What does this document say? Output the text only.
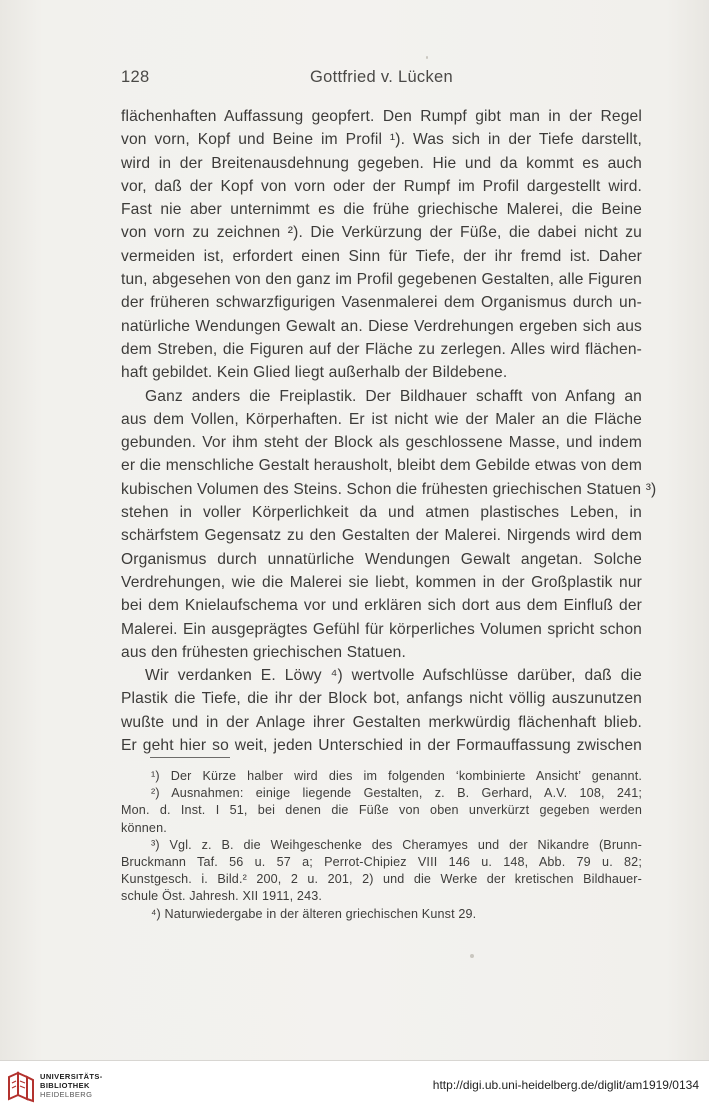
128	Gottfried v. Lücken
flächenhaften Auffassung geopfert. Den Rumpf gibt man in der Regel
von vorn, Kopf und Beine im Profil ¹). Was sich in der Tiefe darstellt,
wird in der Breitenausdehnung gegeben. Hie und da kommt es auch
vor, daß der Kopf von vorn oder der Rumpf im Profil dargestellt wird.
Fast nie aber unternimmt es die frühe griechische Malerei, die Beine
von vorn zu zeichnen ²). Die Verkürzung der Füße, die dabei nicht zu
vermeiden ist, erfordert einen Sinn für Tiefe, der ihr fremd ist. Daher
tun, abgesehen von den ganz im Profil gegebenen Gestalten, alle Figuren
der früheren schwarzfigurigen Vasenmalerei dem Organismus durch un-
natürliche Wendungen Gewalt an. Diese Verdrehungen ergeben sich aus
dem Streben, die Figuren auf der Fläche zu zerlegen. Alles wird flächen-
haft gebildet. Kein Glied liegt außerhalb der Bildebene.
Ganz anders die Freiplastik. Der Bildhauer schafft von Anfang an
aus dem Vollen, Körperhaften. Er ist nicht wie der Maler an die Fläche
gebunden. Vor ihm steht der Block als geschlossene Masse, und indem
er die menschliche Gestalt herausholt, bleibt dem Gebilde etwas von dem
kubischen Volumen des Steins. Schon die frühesten griechischen Statuen ³)
stehen in voller Körperlichkeit da und atmen plastisches Leben, in
schärfstem Gegensatz zu den Gestalten der Malerei. Nirgends wird dem
Organismus durch unnatürliche Wendungen Gewalt angetan. Solche
Verdrehungen, wie die Malerei sie liebt, kommen in der Großplastik nur
bei dem Knielaufschema vor und erklären sich dort aus dem Einfluß der
Malerei. Ein ausgeprägtes Gefühl für körperliches Volumen spricht schon
aus den frühesten griechischen Statuen.
Wir verdanken E. Löwy ⁴) wertvolle Aufschlüsse darüber, daß die
Plastik die Tiefe, die ihr der Block bot, anfangs nicht völlig auszunutzen
wußte und in der Anlage ihrer Gestalten merkwürdig flächenhaft blieb.
Er geht hier so weit, jeden Unterschied in der Formauffassung zwischen
¹) Der Kürze halber wird dies im folgenden ‘kombinierte Ansicht’ genannt.
²) Ausnahmen: einige liegende Gestalten, z. B. Gerhard, A.V. 108, 241;
Mon. d. Inst. I 51, bei denen die Füße von oben unverkürzt gegeben werden
können.
³) Vgl. z. B. die Weihgeschenke des Cheramyes und der Nikandre (Brunn-
Bruckmann Taf. 56 u. 57 a; Perrot-Chipiez VIII 146 u. 148, Abb. 79 u. 82;
Kunstgesch. i. Bild.² 200, 2 u. 201, 2) und die Werke der kretischen Bildhauer-
schule Öst. Jahresh. XII 1911, 243.
⁴) Naturwiedergabe in der älteren griechischen Kunst 29.
UNIVERSITÄTS-
BIBLIOTHEK
HEIDELBERG
http://digi.ub.uni-heidelberg.de/diglit/am1919/0134
